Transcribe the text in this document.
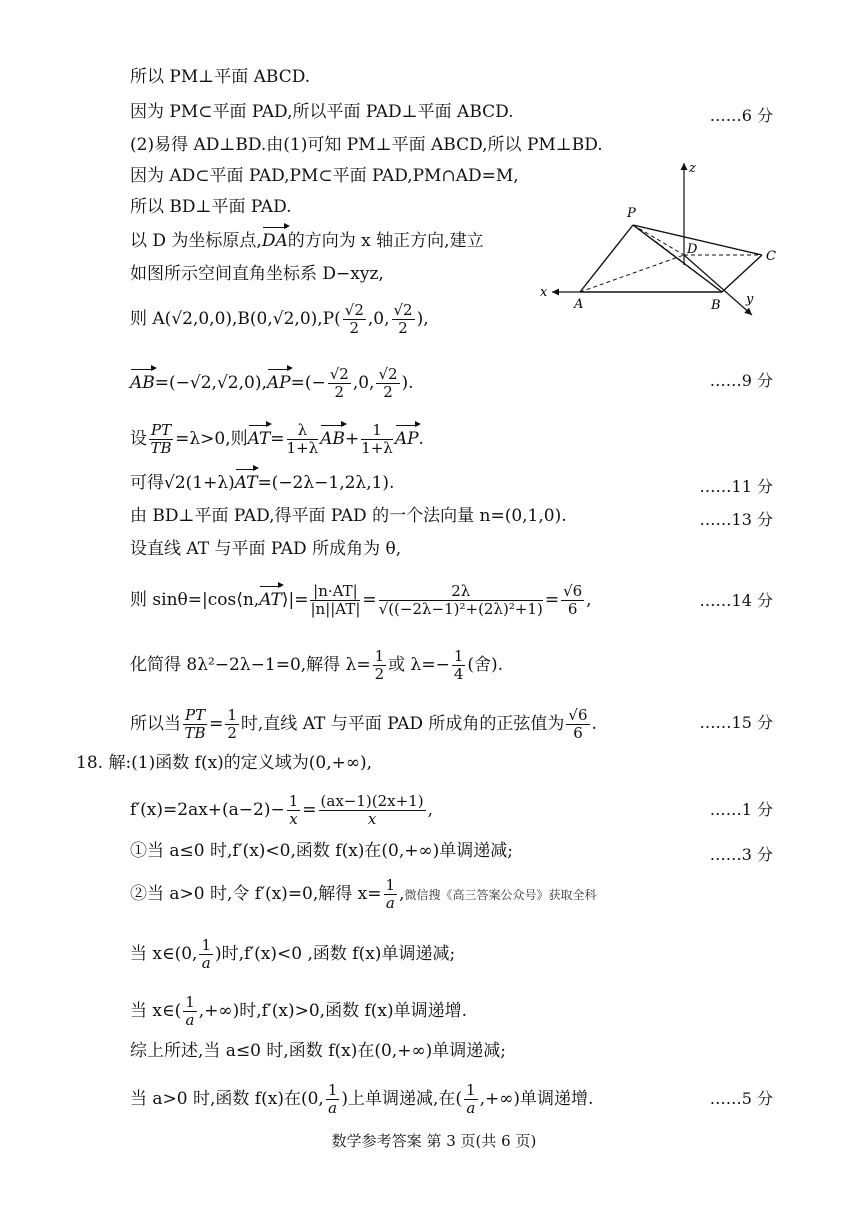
所以 PM⊥平面 ABCD.
因为 PM⊂平面 PAD,所以平面 PAD⊥平面 ABCD.	……6 分
(2)易得 AD⊥BD.由(1)可知 PM⊥平面 ABCD,所以 PM⊥BD.
因为 AD⊂平面 PAD,PM⊂平面 PAD,PM∩AD=M,
所以 BD⊥平面 PAD.
以 D 为坐标原点,DA的方向为 x 轴正方向,建立
如图所示空间直角坐标系 D−xyz,
则 $A(√2,0,0),B(0,√2,0),P( \frac{√2}{2} ,0$, $\frac{√2}{2}$ ),
$AB=(-√2,√2,0),AP=(- \frac{√2}{2} ,0$, $\frac{√2}{2}$ ).	……9 分
设 $\frac{PT}{TB} =\lambda>0$,则$AT= \frac{\lambda}{1+\lambda} AB+ \frac{1}{1+\lambda}$ AP.
可得√2(1+λ)AT=(−2λ−1,2λ,1).	……11 分
由 BD⊥平面 PAD,得平面 PAD 的一个法向量 n=(0,1,0).	……13 分
设直线 AT 与平面 PAD 所成角为 θ,
则 sinθ=|cos⟨n,AT⟩|= $\frac{|n\cdot AT|}{|n||AT|} = \frac{2\lambda}{\text{√((−2λ−1)²+(2λ)²+1)}} = \frac{√6}{6}$ ,	……14 分
化简得 8λ²−2λ−1=0,解得 $\lambda= \frac{1}{2}$ 或 $\lambda=- \frac{1}{4}$ (舍).
所以当 $\frac{PT}{TB} = \frac{1}{2}$ 时,直线 AT 与平面 PAD 所成角的正弦值为 $\frac{√6}{6}$ .	……15 分
18. 解:(1)函数 f(x)的定义域为(0,+∞),
$f'(x)=2ax+(a-2)- \frac{1}{x} = \frac{(ax-1)(2x+1)}{x}$ ,	……1 分
①当 a≤0 时,f′(x)<0,函数 f(x)在(0,+∞)单调递减;	……3 分
②当 a>0 时,令 f′(x)=0,解得 $x= \frac{1}{a}$ ,微信搜《高三答案公众号》获取全科
当 x∈(0, $\frac{1}{a}$ )时,f′(x)<0 ,函数 f(x)单调递减;
当 x∈( $\frac{1}{a}$ ,+∞)时,f′(x)>0,函数 f(x)单调递增.
综上所述,当 a≤0 时,函数 f(x)在(0,+∞)单调递减;
当 a>0 时,函数 f(x)在(0, $\frac{1}{a}$ )上单调递减,在( $\frac{1}{a}$ ,+∞)单调递增.	……5 分
P
D	C
A	B
x	y
z
数学参考答案 第 3 页(共 6 页)
